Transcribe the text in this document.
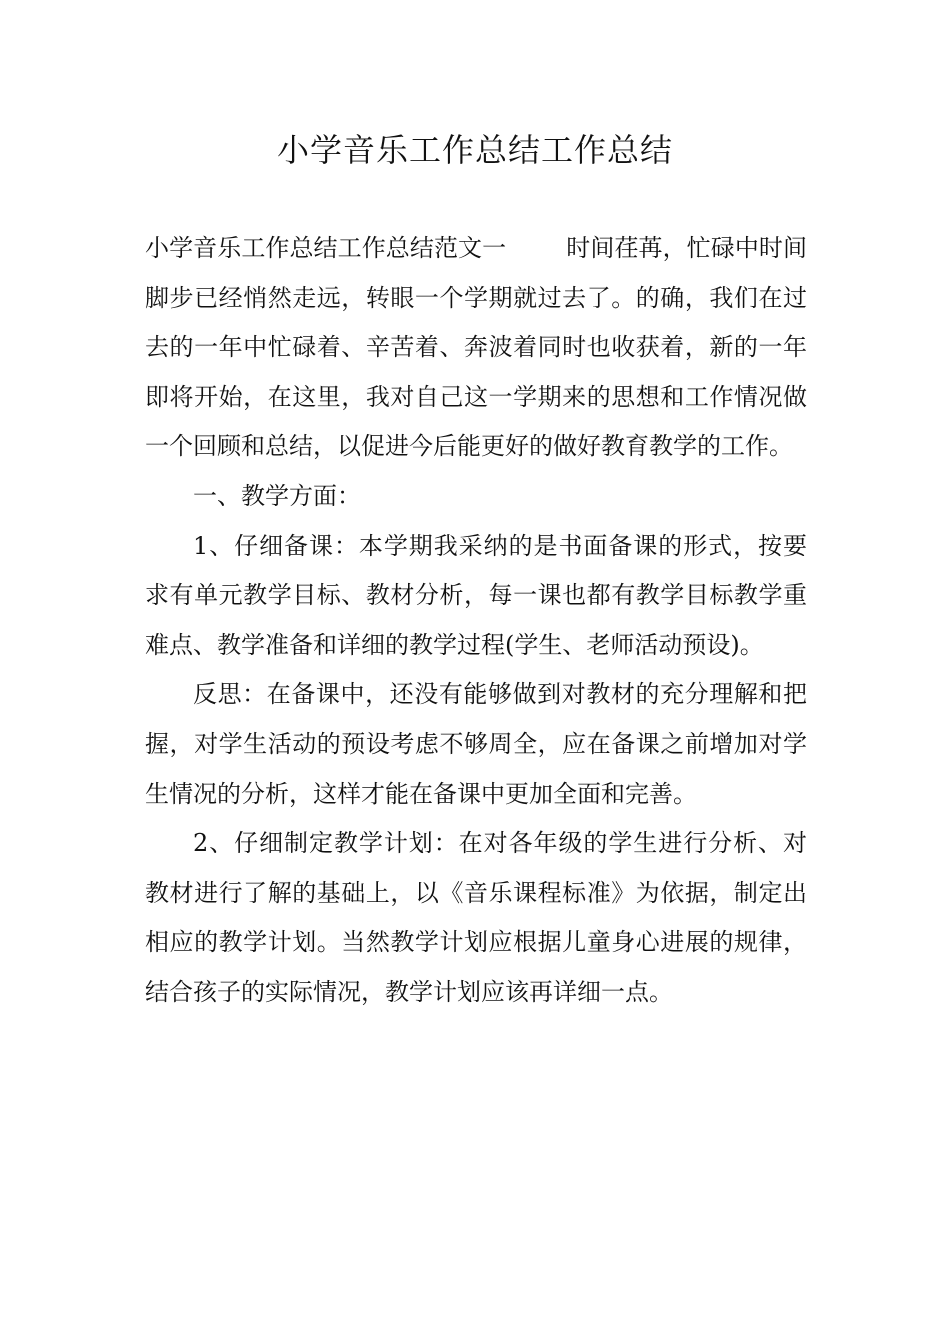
小学音乐工作总结工作总结

小学音乐工作总结工作总结范文一	时间荏苒，忙碌中时间脚步已经悄然走远，转眼一个学期就过去了。的确，我们在过去的一年中忙碌着、辛苦着、奔波着同时也收获着，新的一年即将开始，在这里，我对自己这一学期来的思想和工作情况做一个回顾和总结，以促进今后能更好的做好教育教学的工作。

一、教学方面：

1、仔细备课：本学期我采纳的是书面备课的形式，按要求有单元教学目标、教材分析，每一课也都有教学目标教学重难点、教学准备和详细的教学过程(学生、老师活动预设)。

反思：在备课中，还没有能够做到对教材的充分理解和把握，对学生活动的预设考虑不够周全，应在备课之前增加对学生情况的分析，这样才能在备课中更加全面和完善。

2、仔细制定教学计划：在对各年级的学生进行分析、对教材进行了解的基础上，以《音乐课程标准》为依据，制定出相应的教学计划。当然教学计划应根据儿童身心进展的规律，结合孩子的实际情况，教学计划应该再详细一点。
